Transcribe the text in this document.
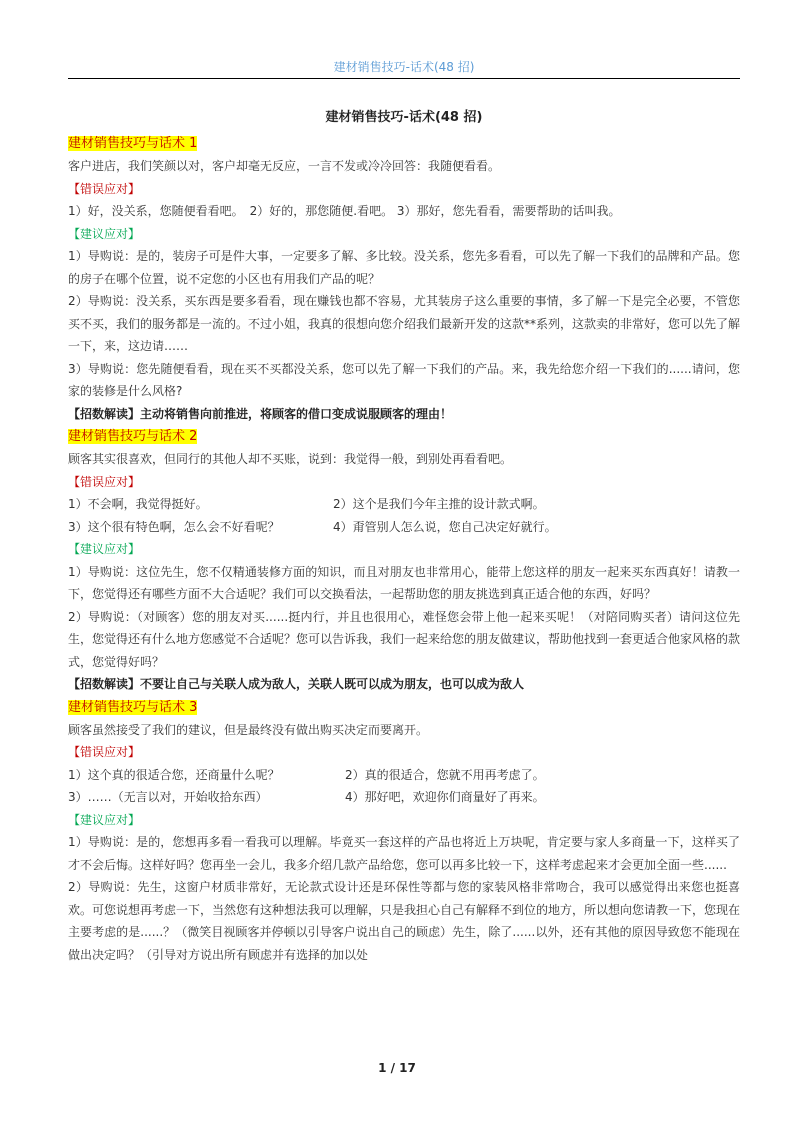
建材销售技巧-话术(48 招)

建材销售技巧-话术(48 招)

建材销售技巧与话术 1

客户进店，我们笑颜以对，客户却毫无反应，一言不发或冷冷回答：我随便看看。

【错误应对】

1）好，没关系，您随便看看吧。　2）好的，那您随便.看吧。 3）那好，您先看看，需要帮助的话叫我。

【建议应对】

1）导购说：是的，装房子可是件大事，一定要多了解、多比较。没关系，您先多看看，可以先了解一下我们的品牌和产品。您的房子在哪个位置，说不定您的小区也有用我们产品的呢？

2）导购说：没关系，买东西是要多看看，现在赚钱也都不容易，尤其装房子这么重要的事情，多了解一下是完全必要，不管您买不买，我们的服务都是一流的。不过小姐，我真的很想向您介绍我们最新开发的这款**系列，这款卖的非常好，您可以先了解一下，来，这边请……

3）导购说：您先随便看看，现在买不买都没关系，您可以先了解一下我们的产品。来，我先给您介绍一下我们的......请问，您家的装修是什么风格?

【招数解读】主动将销售向前推进，将顾客的借口变成说服顾客的理由！

建材销售技巧与话术 2

顾客其实很喜欢，但同行的其他人却不买账，说到：我觉得一般，到别处再看看吧。

【错误应对】

1）不会啊，我觉得挺好。	2）这个是我们今年主推的设计款式啊。
3）这个很有特色啊，怎么会不好看呢？	4）甭管别人怎么说，您自己决定好就行。

【建议应对】

1）导购说：这位先生，您不仅精通装修方面的知识，而且对朋友也非常用心，能带上您这样的朋友一起来买东西真好！请教一下，您觉得还有哪些方面不大合适呢？我们可以交换看法，一起帮助您的朋友挑选到真正适合他的东西，好吗？

2）导购说：（对顾客）您的朋友对买......挺内行，并且也很用心，难怪您会带上他一起来买呢！（对陪同购买者）请问这位先生，您觉得还有什么地方您感觉不合适呢？您可以告诉我，我们一起来给您的朋友做建议，帮助他找到一套更适合他家风格的款式，您觉得好吗？

【招数解读】不要让自己与关联人成为敌人，关联人既可以成为朋友，也可以成为敌人

建材销售技巧与话术 3

顾客虽然接受了我们的建议，但是最终没有做出购买决定而要离开。

【错误应对】

1）这个真的很适合您，还商量什么呢？	2）真的很适合，您就不用再考虑了。
3）……（无言以对，开始收拾东西）	4）那好吧，欢迎你们商量好了再来。

【建议应对】

1）导购说：是的，您想再多看一看我可以理解。毕竟买一套这样的产品也将近上万块呢，肯定要与家人多商量一下，这样买了才不会后悔。这样好吗？您再坐一会儿，我多介绍几款产品给您，您可以再多比较一下，这样考虑起来才会更加全面一些......

2）导购说：先生，这窗户材质非常好，无论款式设计还是环保性等都与您的家装风格非常吻合，我可以感觉得出来您也挺喜欢。可您说想再考虑一下，当然您有这种想法我可以理解，只是我担心自己有解释不到位的地方，所以想向您请教一下，您现在主要考虑的是......？（微笑目视顾客并停顿以引导客户说出自己的顾虑）先生，除了......以外，还有其他的原因导致您不能现在做出决定吗？（引导对方说出所有顾虑并有选择的加以处

1 / 17
